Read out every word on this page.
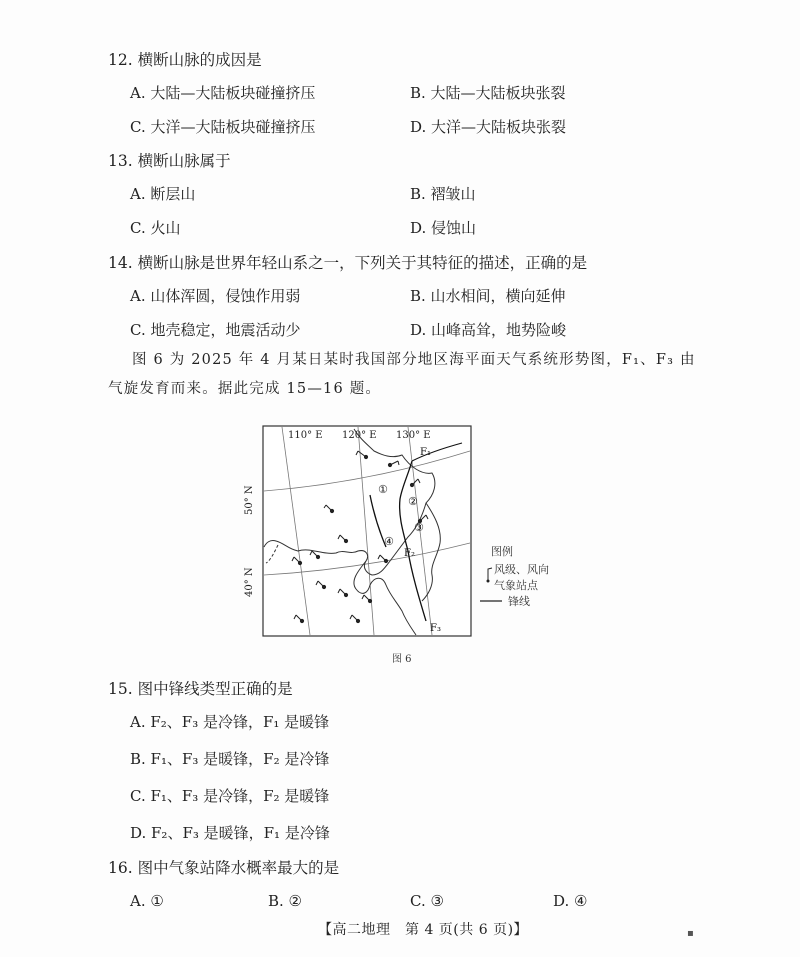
12. 横断山脉的成因是
A. 大陆—大陆板块碰撞挤压	B. 大陆—大陆板块张裂
C. 大洋—大陆板块碰撞挤压	D. 大洋—大陆板块张裂
13. 横断山脉属于
A. 断层山	B. 褶皱山
C. 火山	D. 侵蚀山
14. 横断山脉是世界年轻山系之一，下列关于其特征的描述，正确的是
A. 山体浑圆，侵蚀作用弱	B. 山水相间，横向延伸
C. 地壳稳定，地震活动少	D. 山峰高耸，地势险峻
图 6 为 2025 年 4 月某日某时我国部分地区海平面天气系统形势图，F₁、F₃ 由气旋发育而来。据此完成 15—16 题。
110° E 120° E 130° E
50° N
40° N
F₁
F₂
F₃
①
②
③
④
图例
风级、风向
气象站点
锋线
图 6
15. 图中锋线类型正确的是
A. F₂、F₃ 是冷锋，F₁ 是暖锋
B. F₁、F₃ 是暖锋，F₂ 是冷锋
C. F₁、F₃ 是冷锋，F₂ 是暖锋
D. F₂、F₃ 是暖锋，F₁ 是冷锋
16. 图中气象站降水概率最大的是
A. ①	B. ②	C. ③	D. ④
【高二地理　第 4 页(共 6 页)】	▪
